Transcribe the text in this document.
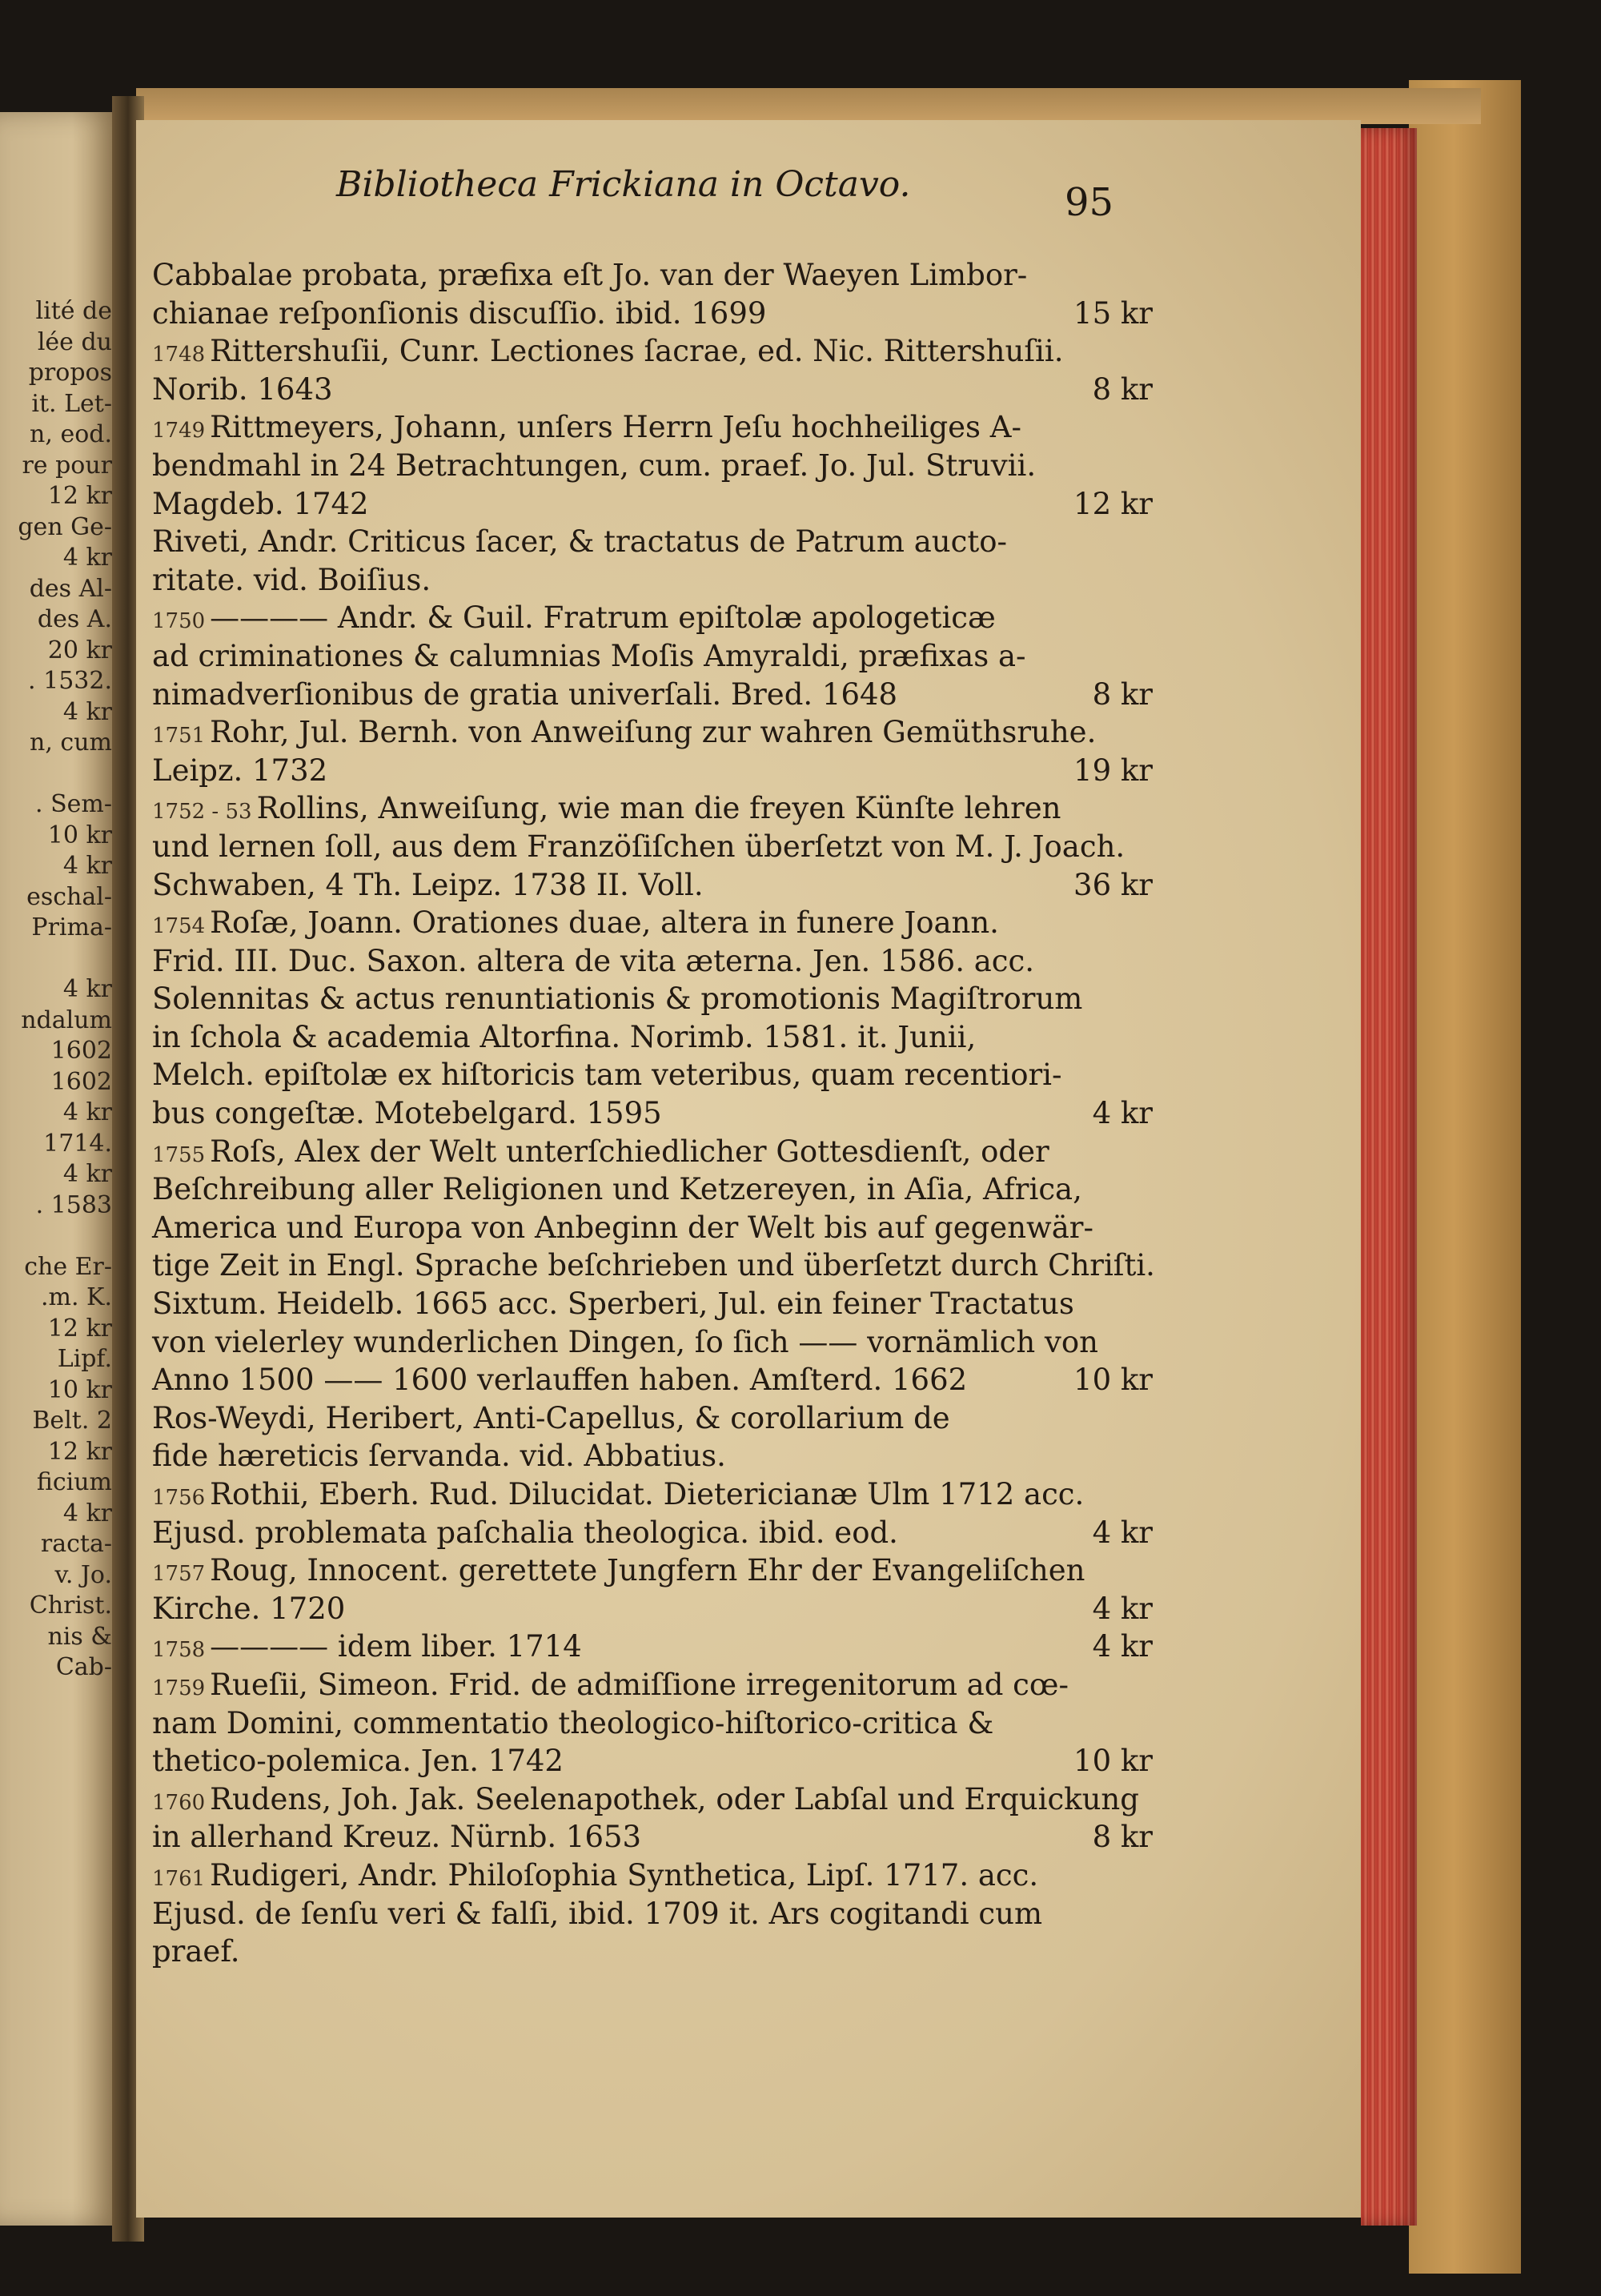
lité de
lée du
propos
it. Let-
n, eod.
re pour
12 kr
gen Ge-
4 kr
des Al-
des A.
20 kr
. 1532.
4 kr
n, cum
. Sem-
10 kr
4 kr
eschal-
Prima-
4 kr
ndalum
1602
1602
4 kr
1714.
4 kr
. 1583
che Er-
.m. K.
12 kr
Lipf.
10 kr
Belt. 2
12 kr
ficium
4 kr
racta-
v. Jo.
Christ.
nis &
Cab-
Bibliotheca Frickiana in Octavo.	95
Cabbalae probata, præfixa eſt Jo. van der Waeyen Limbor-
chianae reſponſionis discuſſio. ibid. 1699	15 kr
1748 Rittershuſii, Cunr. Lectiones ſacrae, ed. Nic. Rittershuſii.
Norib. 1643	8 kr
1749 Rittmeyers, Johann, unſers Herrn Jeſu hochheiliges A-
bendmahl in 24 Betrachtungen, cum. praef. Jo. Jul. Struvii.
Magdeb. 1742	12 kr
Riveti, Andr. Criticus ſacer, & tractatus de Patrum aucto-
ritate. vid. Boiſius.
1750 ———— Andr. & Guil. Fratrum epiſtolæ apologeticæ
ad criminationes & calumnias Moſis Amyraldi, præfixas a-
nimadverſionibus de gratia univerſali. Bred. 1648	8 kr
1751 Rohr, Jul. Bernh. von Anweiſung zur wahren Gemüthsruhe.
Leipz. 1732	19 kr
1752 - 53 Rollins, Anweiſung, wie man die freyen Künſte lehren
und lernen ſoll, aus dem Franzöſiſchen überſetzt von M. J. Joach.
Schwaben, 4 Th. Leipz. 1738 II. Voll.	36 kr
1754 Roſæ, Joann. Orationes duae, altera in funere Joann.
Frid. III. Duc. Saxon. altera de vita æterna. Jen. 1586. acc.
Solennitas & actus renuntiationis & promotionis Magiſtrorum
in ſchola & academia Altorfina. Norimb. 1581. it. Junii,
Melch. epiſtolæ ex hiſtoricis tam veteribus, quam recentiori-
bus congeſtæ. Motebelgard. 1595	4 kr
1755 Roſs, Alex der Welt unterſchiedlicher Gottesdienſt, oder
Beſchreibung aller Religionen und Ketzereyen, in Aſia, Africa,
America und Europa von Anbeginn der Welt bis auf gegenwär-
tige Zeit in Engl. Sprache beſchrieben und überſetzt durch Chriſti.
Sixtum. Heidelb. 1665 acc. Sperberi, Jul. ein feiner Tractatus
von vielerley wunderlichen Dingen, ſo ſich —— vornämlich von
Anno 1500 —— 1600 verlauffen haben. Amſterd. 1662	10 kr
Ros-Weydi, Heribert, Anti-Capellus, & corollarium de
fide hæreticis ſervanda. vid. Abbatius.
1756 Rothii, Eberh. Rud. Dilucidat. Dietericianæ Ulm 1712 acc.
Ejusd. problemata paſchalia theologica. ibid. eod.	4 kr
1757 Roug, Innocent. gerettete Jungfern Ehr der Evangeliſchen
Kirche. 1720	4 kr
1758 ———— idem liber. 1714	4 kr
1759 Rueſii, Simeon. Frid. de admiſſione irregenitorum ad cœ-
nam Domini, commentatio theologico-hiſtorico-critica &
thetico-polemica. Jen. 1742	10 kr
1760 Rudens, Joh. Jak. Seelenapothek, oder Labſal und Erquickung
in allerhand Kreuz. Nürnb. 1653	8 kr
1761 Rudigeri, Andr. Philoſophia Synthetica, Lipſ. 1717. acc.
Ejusd. de ſenſu veri & falſi, ibid. 1709 it. Ars cogitandi cum
praef.
